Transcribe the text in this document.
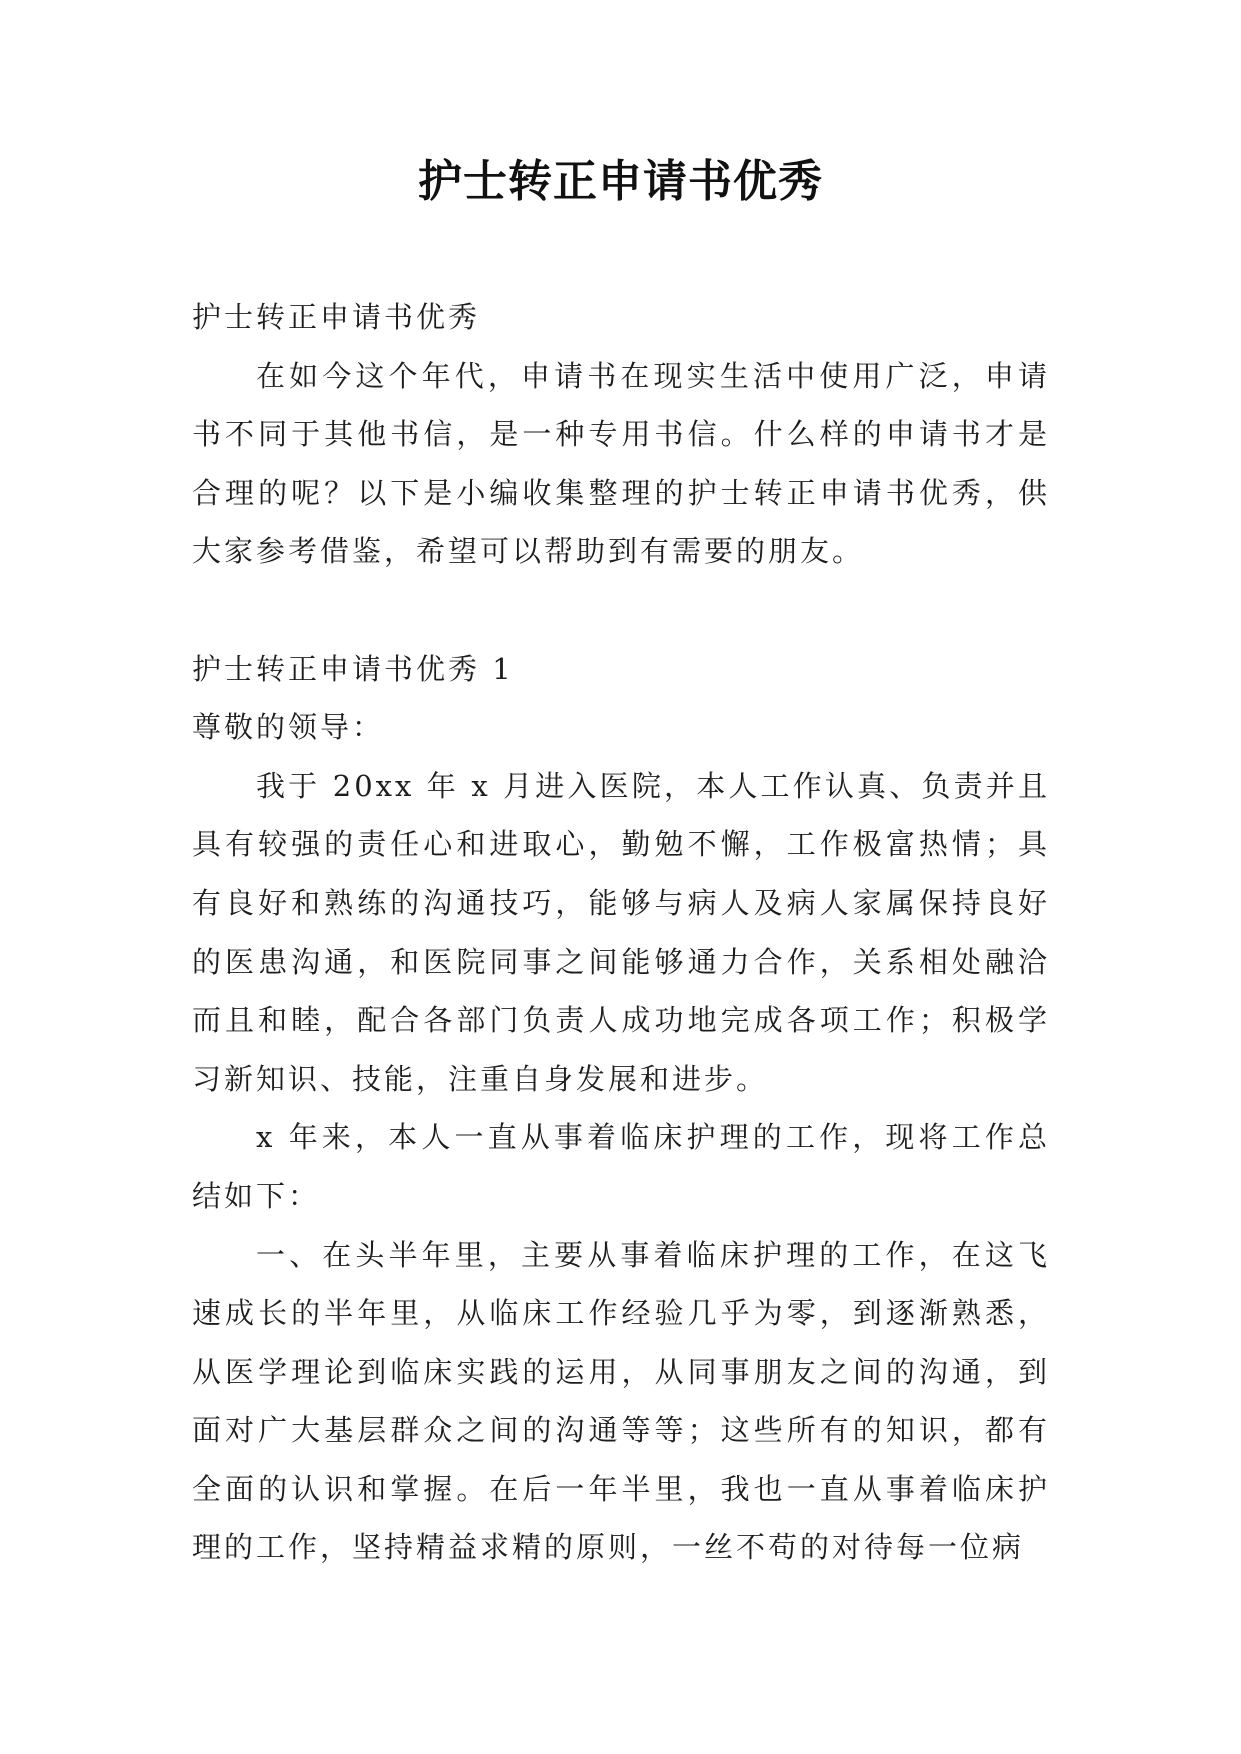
护士转正申请书优秀

护士转正申请书优秀

在如今这个年代，申请书在现实生活中使用广泛，申请书不同于其他书信，是一种专用书信。什么样的申请书才是合理的呢？以下是小编收集整理的护士转正申请书优秀，供大家参考借鉴，希望可以帮助到有需要的朋友。

护士转正申请书优秀 1

尊敬的领导：

我于 20xx 年 x 月进入医院，本人工作认真、负责并且具有较强的责任心和进取心，勤勉不懈，工作极富热情；具有良好和熟练的沟通技巧，能够与病人及病人家属保持良好的医患沟通，和医院同事之间能够通力合作，关系相处融洽而且和睦，配合各部门负责人成功地完成各项工作；积极学习新知识、技能，注重自身发展和进步。

x 年来，本人一直从事着临床护理的工作，现将工作总结如下：

一、在头半年里，主要从事着临床护理的工作，在这飞速成长的半年里，从临床工作经验几乎为零，到逐渐熟悉，从医学理论到临床实践的运用，从同事朋友之间的沟通，到面对广大基层群众之间的沟通等等；这些所有的知识，都有全面的认识和掌握。在后一年半里，我也一直从事着临床护理的工作，坚持精益求精的原则，一丝不苟的对待每一位病
